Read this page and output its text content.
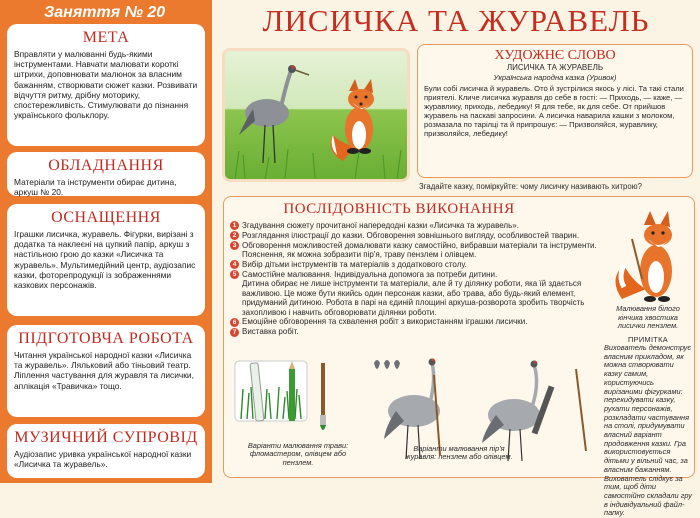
Заняття № 20
МЕТА

Вправляти у малюванні будь-якими інструментами. Навчати малювати короткі штрихи, доповнювати малюнок за власним бажанням, створювати сюжет казки. Розвивати відчуття ритму, дрібну моторику, спостережливість. Стимулювати до пізнання українського фольклору.

ОБЛАДНАННЯ

Матеріали та інструменти обирає дитина, аркуш № 20.

ОСНАЩЕННЯ

Іграшки лисичка, журавель. Фігурки, вирізані з додатка та наклеєні на цупкий папір, аркуш з настільною грою до казки «Лисичка та журавель». Мультимедійний центр, аудіозапис казки, фоторепродукції із зображеннями казкових персонажів.

ПІДГОТОВЧА РОБОТА

Читання української народної казки «Лисичка та журавель». Ляльковий або тіньовий театр. Ліплення частування для журавля та лисички, аплікація «Травичка» тощо.

МУЗИЧНИЙ СУПРОВІД

Аудіозапис уривка української народної казки «Лисичка та журавель».

ЛИСИЧКА ТА ЖУРАВЕЛЬ
ХУДОЖНЄ СЛОВО
ЛИСИЧКА ТА ЖУРАВЕЛЬ
Українська народна казка (Уривок)

Були собі лисичка й журавель. Ото й зустрілися якось у лісі. Та такі стали приятелі. Кличе лисичка журавля до себе в гості: — Приходь, — каже, — журавлику, приходь, лебедику! Я для тебе, як для себе. От прийшов журавель на паскаві запросини. А лисичка наварила кашки з молоком, розмазала по тарілці та й припрошує: — Призволяйся, журавлику, призволяйся, лебедику!

Згадайте казку, поміркуйте: чому лисичку називають хитрою?
ПОСЛІДОВНІСТЬ ВИКОНАННЯ
1 Згадування сюжету прочитаної напередодні казки «Лисичка та журавель».
2 Розглядання ілюстрації до казки. Обговорення зовнішнього вигляду, особливостей тварин.
3 Обговорення можливостей домалювати казку самостійно, вибравши матеріали та інструменти. Пояснення, як можна зобразити пір'я, траву пензлем і олівцем.
4 Вибір дітьми інструментів та матеріалів з додаткового столу.
5 Самостійне малювання. Індивідуальна допомога за потреби дитини.
Дитина обирає не лише інструменти та матеріали, але й ту ділянку роботи, яка їй здається важливою. Це може бути якийсь один персонаж казки, або трава, або будь-який елемент, придуманий дитиною. Робота в парі на єдиній площині аркуша-розворота зробить творчість захопливою і навчить обговорювати ділянки роботи.
6 Емоційне обговорення та схвалення робіт з використанням іграшки лисички.
7 Виставка робіт.
Малювання білого кінчика хвостика лисички пензлем.
ПРИМІТКА
Вихователь демонструє власним прикладом, як можна створювати казку самим, користуючись вирізаними фігурками: перекидувати казку, рухати персонажів, розкладати частування на столі, придумувати власний варіант продовження казки. Гра використовується дітьми у вільний час, за власним бажанням. Вихователь слідкує за тим, щоб діти самостійно складали гру в індивідуальний файл-папку.
Варіанти малювання трави: фломастером, олівцем або пензлем.
Варіанти малювання пір'я журавля: пензлем або олівцем.
